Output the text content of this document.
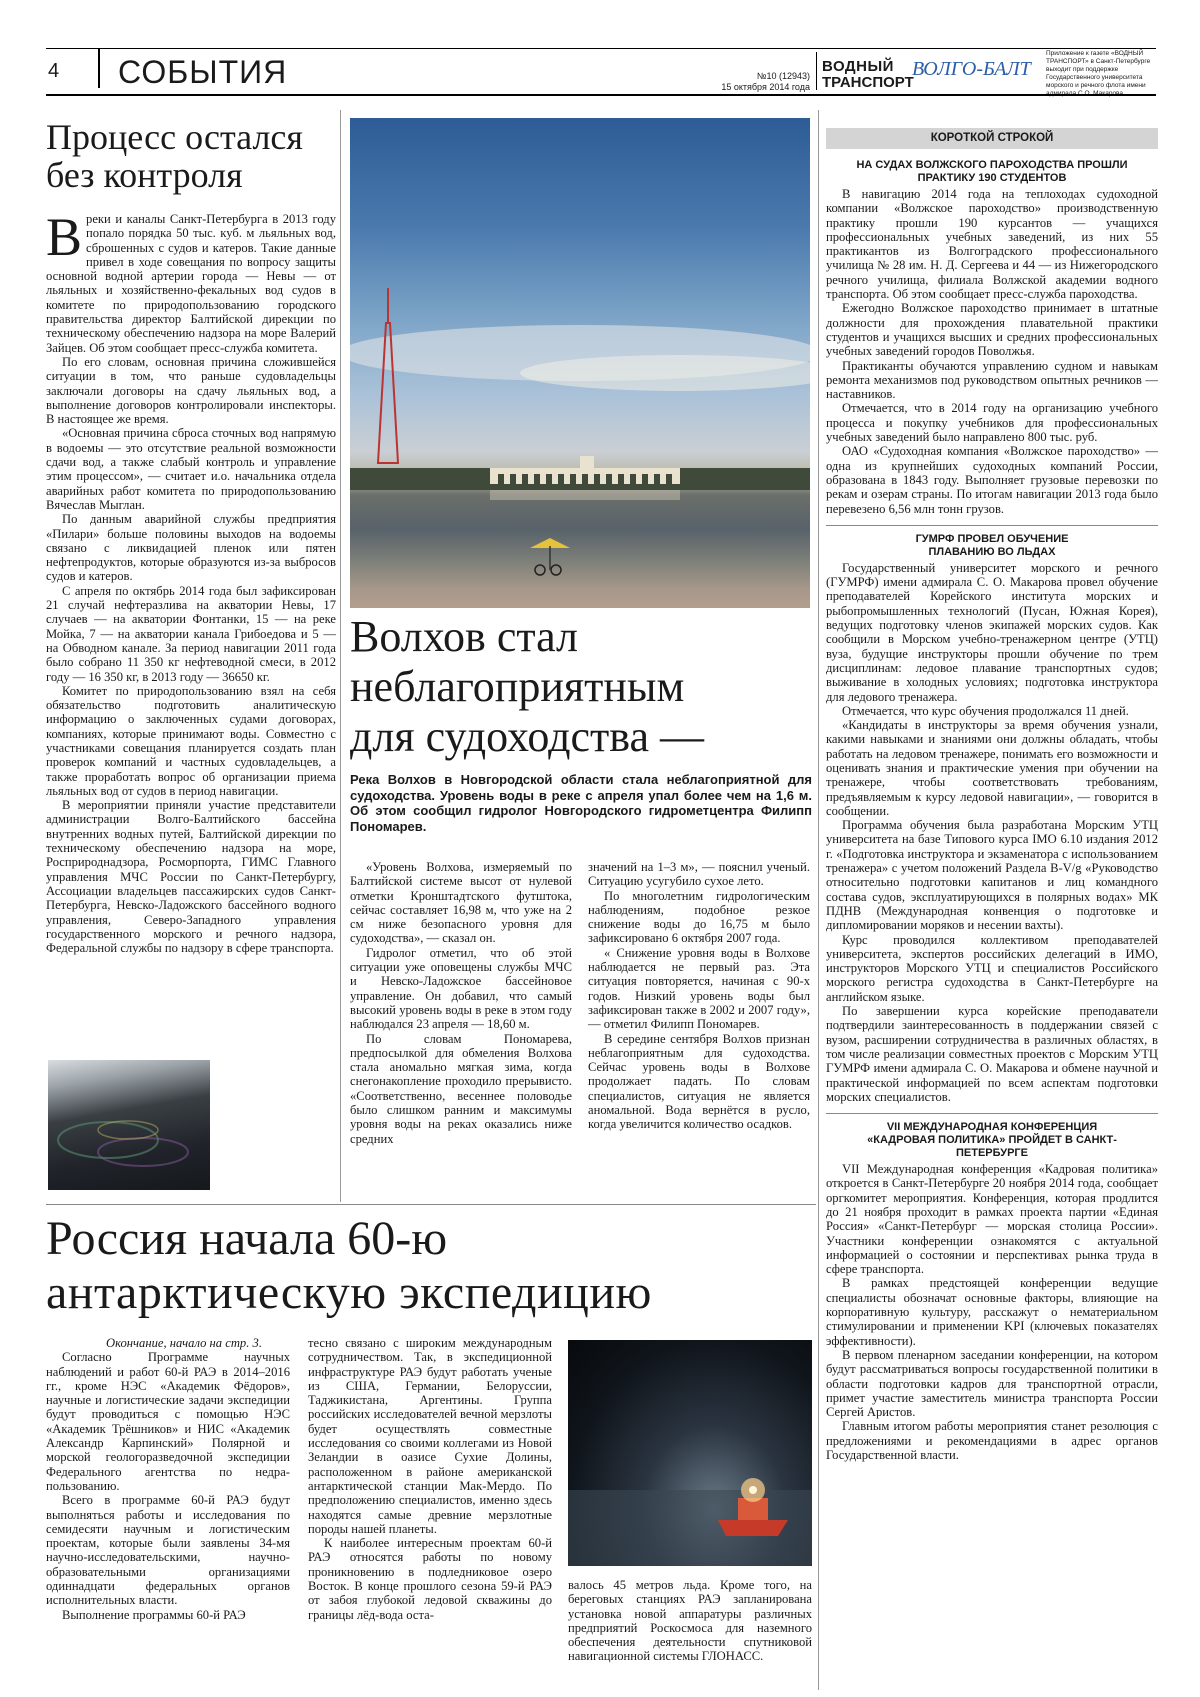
4 СОБЫТИЯ	№10 (12943)
15 октября 2014 года
ВОДНЫЙ
ТРАНСПОРТ
ВОЛГО-БАЛТ
Приложение к газете «ВОДНЫЙ ТРАНСПОРТ» в Санкт-Петербурге выходит при поддержке Государственного университета морского и речного флота имени
Процесс остался
без контроля
В реки и каналы Санкт-Петербурга в 2013 году попало порядка 50 тыс. куб. м льяльных вод, сброшенных с судов и катеров. Такие данные привел в ходе совещания по вопросу защиты основной водной артерии города — Невы — от льяльных и хозяйственно-фекальных вод судов в комитете по природопользованию городского правительства директор Балтийской дирекции по техническому обеспечению надзора на море Валерий Зайцев. Об этом сообщает пресс-служба комитета.

По его словам, основная причина сложившейся ситуации в том, что раньше судовладельцы заключали договоры на сдачу льяльных вод, а выполнение договоров контролировали инспекторы. В настоящее же время.

«Основная причина сброса сточных вод напрямую в водоемы — это отсутствие реальной возможности сдачи вод, а также слабый контроль и управление этим процессом», — считает и.о. начальника отдела аварийных работ комитета по природопользованию Вячеслав Мыглан.

По данным аварийной службы предприятия «Пилари» больше половины выходов на водоемы связано с ликвидацией пленок или пятен нефтепродуктов, которые образуются из-за выбросов судов и катеров.

С апреля по октябрь 2014 года был зафиксирован 21 случай нефтеразлива на акватории Невы, 17 случаев — на акватории Фонтанки, 15 — на реке Мойка, 7 — на акватории канала Грибоедова и 5 — на Обводном канале. За период навигации 2011 года было собрано 11 350 кг нефтеводной смеси, в 2012 году — 16 350 кг, в 2013 году — 36650 кг.

Комитет по природопользованию взял на себя обязательство подготовить аналитическую информацию о заключенных судами договорах, компаниях, которые принимают воды. Совместно с участниками совещания планируется создать план проверок компаний и частных судовладельцев, а также проработать вопрос об организации приема льяльных вод от судов в период навигации.

В мероприятии приняли участие представители администрации Волго-Балтийского бассейна внутренних водных путей, Балтийской дирекции по техническому обеспечению надзора на море, Росприроднадзора, Росморпорта, ГИМС Главного управления МЧС России по Санкт-Петербургу, Ассоциации владельцев пассажирских судов Санкт-Петербурга, Невско-Ладожского бассейного водного управления, Северо-Западного управления государственного морского и речного надзора, Федеральной службы по надзору в сфере транспорта.

Волхов стал
неблагоприятным
для судоходства —
Река Волхов в Новгородской области стала неблагоприятной для судоходства. Уровень воды в реке с апреля упал более чем на 1,6 м. Об этом сообщил гидролог Новгородского гидрометцентра Филипп Пономарев.

«Уровень Волхова, измеряемый по Балтийской системе высот от нулевой отметки Кронштадтского футштока, сейчас составляет 16,98 м, что уже на 2 см ниже безопасного уровня для судоходства», — сказал он.

Гидролог отметил, что об этой ситуации уже оповещены службы МЧС и Невско-Ладожское бассейновое управление. Он добавил, что самый высокий уровень воды в реке в этом году наблюдался 23 апреля — 18,60 м.

По словам Пономарева, предпосылкой для обмеления Волхова стала аномально мягкая зима, когда снегонакопление проходило прерывисто. «Соответственно, весеннее половодье было слишком ранним и максимумы уровня воды на реках оказались ниже средних

значений на 1–3 м», — пояснил ученый. Ситуацию усугубило сухое лето.

По многолетним гидрологическим наблюдениям, подобное резкое снижение воды до 16,75 м было зафиксировано 6 октября 2007 года.

« Снижение уровня воды в Волхове наблюдается не первый раз. Эта ситуация повторяется, начиная с 90-х годов. Низкий уровень воды был зафиксирован также в 2002 и 2007 году», — отметил Филипп Пономарев.

В середине сентября Волхов признан неблагоприятным для судоходства. Сейчас уровень воды в Волхове продолжает падать. По словам специалистов, ситуация не является аномальной. Вода вернётся в русло, когда увеличится количество осадков.

Россия начала 60-ю
антарктическую экспедицию
Окончание, начало на стр. 3.

Согласно Программе научных наблюдений и работ 60-й РАЭ в 2014–2016 гг., кроме НЭС «Академик Фёдоров», научные и логистические задачи экспедиции будут проводиться с помощью НЭС «Академик Трёшников» и НИС «Академик Александр Карпинский» Полярной и морской геологоразведочной экспедиции Федерального агентства по недра-пользованию.

Всего в программе 60-й РАЭ будут выполняться работы и исследования по семидесяти научным и логистическим проектам, которые были заявлены 34-мя научно-исследовательскими, научно-образовательными организациями одиннадцати федеральных органов исполнительных власти.

Выполнение программы 60-й РАЭ

тесно связано с широким международным сотрудничеством. Так, в экспедиционной инфраструктуре РАЭ будут работать ученые из США, Германии, Белоруссии, Таджикистана, Аргентины. Группа российских исследователей вечной мерзлоты будет осуществлять совместные исследования со своими коллегами из Новой Зеландии в оазисе Сухие Долины, расположенном в районе американской антарктической станции Мак-Мердо. По предположению специалистов, именно здесь находятся самые древние мерзлотные породы нашей планеты.

К наиболее интересным проектам 60-й РАЭ относятся работы по новому проникновению в подледниковое озеро Восток. В конце прошлого сезона 59-й РАЭ от забоя глубокой ледовой скважины до границы лёд-вода оста-

валось 45 метров льда. Кроме того, на береговых станциях РАЭ запланирована установка новой аппаратуры различных предприятий Роскосмоса для наземного обеспечения деятельности спутниковой навигационной системы ГЛОНАСС.

КОРОТКОЙ СТРОКОЙ
НА СУДАХ ВОЛЖСКОГО ПАРОХОДСТВА ПРОШЛИ ПРАКТИКУ 190 СТУДЕНТОВ

В навигацию 2014 года на теплоходах судоходной компании «Волжское пароходство» производственную практику прошли 190 курсантов — учащихся профессиональных учебных заведений, из них 55 практикантов из Волгоградского профессионального училища № 28 им. Н. Д. Сергеева и 44 — из Нижегородского речного училища, филиала Волжской академии водного транспорта. Об этом сообщает пресс-служба пароходства.

Ежегодно Волжское пароходство принимает в штатные должности для прохождения плавательной практики студентов и учащихся высших и средних профессиональных учебных заведений городов Поволжья.

Практиканты обучаются управлению судном и навыкам ремонта механизмов под руководством опытных речников — наставников.

Отмечается, что в 2014 году на организацию учебного процесса и покупку учебников для профессиональных учебных заведений было направлено 800 тыс. руб.

ОАО «Судоходная компания «Волжское пароходство» — одна из крупнейших судоходных компаний России, образована в 1843 году. Выполняет грузовые перевозки по рекам и озерам страны. По итогам навигации 2013 года было перевезено 6,56 млн тонн грузов.

ГУМРФ ПРОВЕЛ ОБУЧЕНИЕ ПЛАВАНИЮ ВО ЛЬДАХ

Государственный университет морского и речного (ГУМРФ) имени адмирала С. О. Макарова провел обучение преподавателей Корейского института морских и рыбопромышленных технологий (Пусан, Южная Корея), ведущих подготовку членов экипажей морских судов. Как сообщили в Морском учебно-тренажерном центре (УТЦ) вуза, будущие инструкторы прошли обучение по трем дисциплинам: ледовое плавание транспортных судов; выживание в холодных условиях; подготовка инструктора для ледового тренажера.

Отмечается, что курс обучения продолжался 11 дней.

«Кандидаты в инструкторы за время обучения узнали, какими навыками и знаниями они должны обладать, чтобы работать на ледовом тренажере, понимать его возможности и оценивать знания и практические умения при обучении на тренажере, чтобы соответствовать требованиям, предъявляемым к курсу ледовой навигации», — говорится в сообщении.

Программа обучения была разработана Морским УТЦ университета на базе Типового курса IMO 6.10 издания 2012 г. «Подготовка инструктора и экзаменатора с использованием тренажера» с учетом положений Раздела B-V/g «Руководство относительно подготовки капитанов и лиц командного состава судов, эксплуатирующихся в полярных водах» МК ПДНВ (Международная конвенция о подготовке и дипломировании моряков и несении вахты).

Курс проводился коллективом преподавателей университета, экспертов российских делегаций в ИМО, инструкторов Морского УТЦ и специалистов Российского морского регистра судоходства в Санкт-Петербурге на английском языке.

По завершении курса корейские преподаватели подтвердили заинтересованность в поддержании связей с вузом, расширении сотрудничества в различных областях, в том числе реализации совместных проектов с Морским УТЦ ГУМРФ имени адмирала С. О. Макарова и обмене научной и практической информацией по всем аспектам подготовки морских специалистов.

VII МЕЖДУНАРОДНАЯ КОНФЕРЕНЦИЯ «КАДРОВАЯ ПОЛИТИКА» ПРОЙДЕТ В САНКТ-ПЕТЕРБУРГЕ

VII Международная конференция «Кадровая политика» откроется в Санкт-Петербурге 20 ноября 2014 года, сообщает оргкомитет мероприятия. Конференция, которая продлится до 21 ноября проходит в рамках проекта партии «Единая Россия» «Санкт-Петербург — морская столица России». Участники конференции ознакомятся с актуальной информацией о состоянии и перспективах рынка труда в сфере транспорта.

В рамках предстоящей конференции ведущие специалисты обозначат основные факторы, влияющие на корпоративную культуру, расскажут о нематериальном стимулировании и применении KPI (ключевых показателях эффективности).

В первом пленарном заседании конференции, на котором будут рассматриваться вопросы государственной политики в области подготовки кадров для транспортной отрасли, примет участие заместитель министра транспорта России Сергей Аристов.

Главным итогом работы мероприятия станет резолюция с предложениями и рекомендациями в адрес органов Государственной власти.
